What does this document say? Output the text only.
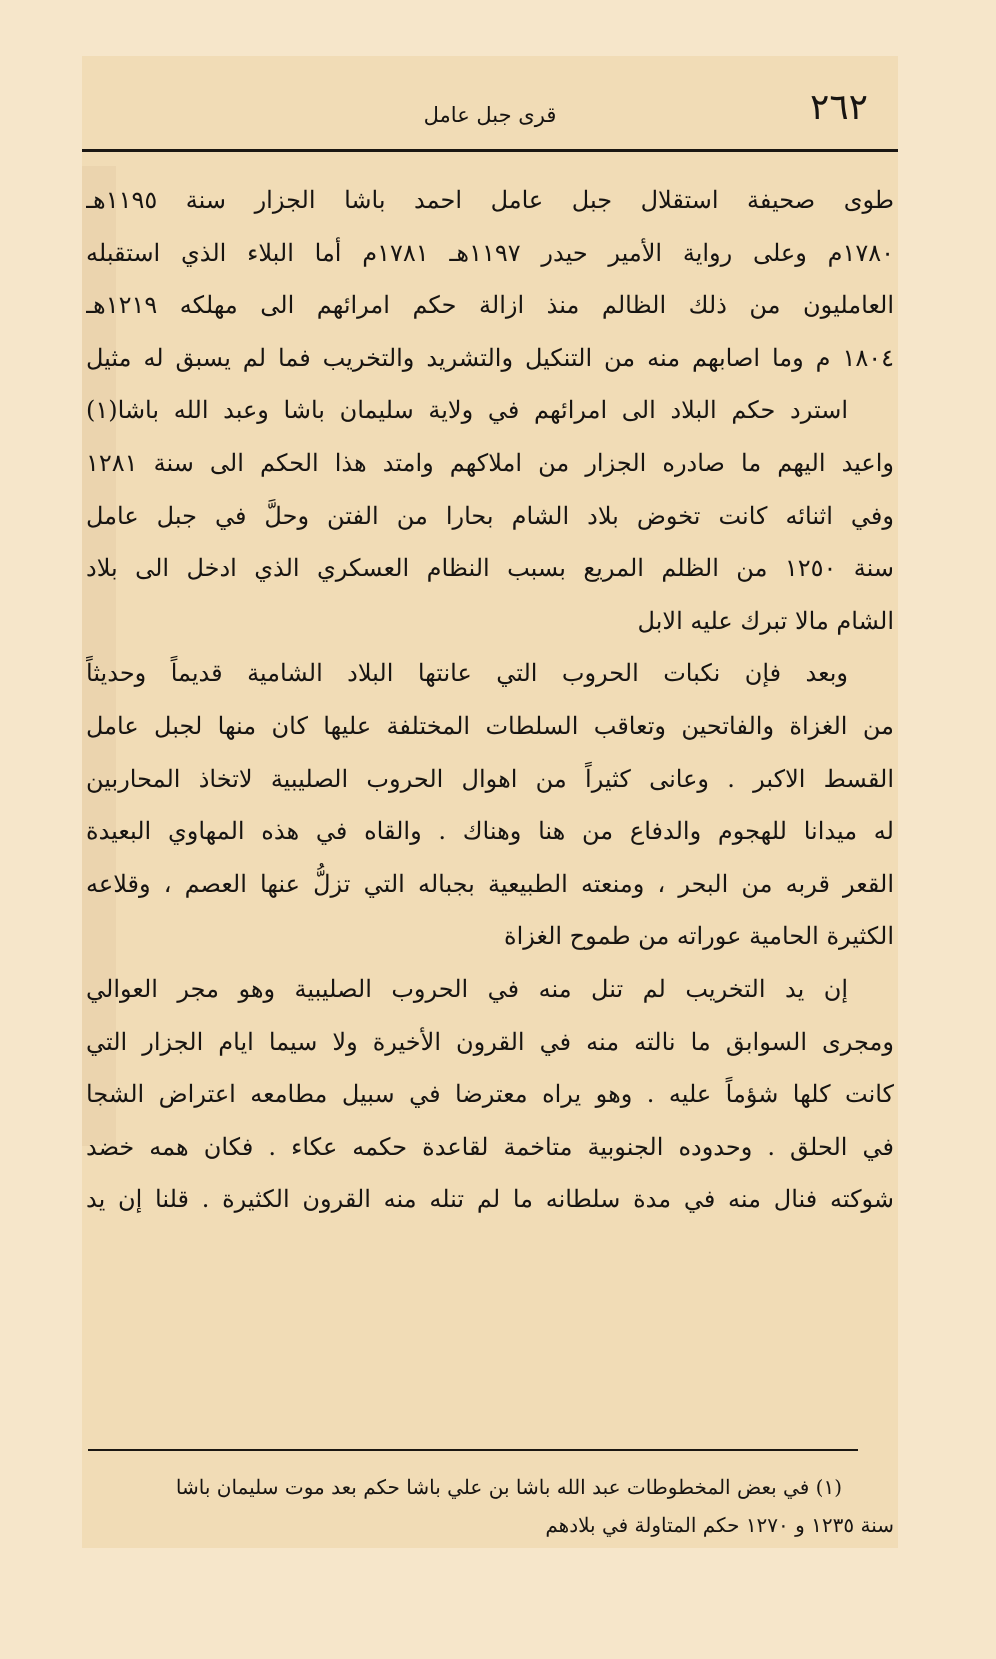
٢٦٢
قرى جبل عامل
طوى صحيفة استقلال جبل عامل احمد باشا الجزار سنة ١١٩٥هـ
١٧٨٠م وعلى رواية الأمير حيدر ١١٩٧هـ ١٧٨١م أما البلاء الذي استقبله
العامليون من ذلك الظالم منذ ازالة حكم امرائهم الى مهلكه ١٢١٩هـ
١٨٠٤ م وما اصابهم منه من التنكيل والتشريد والتخريب فما لم يسبق له مثيل
استرد حكم البلاد الى امرائهم في ولاية سليمان باشا وعبد الله باشا(١)
واعيد اليهم ما صادره الجزار من املاكهم وامتد هذا الحكم الى سنة ١٢٨١
وفي اثنائه كانت تخوض بلاد الشام بحارا من الفتن وحلَّ في جبل عامل
سنة ١٢٥٠ من الظلم المريع بسبب النظام العسكري الذي ادخل الى بلاد
الشام مالا تبرك عليه الابل
وبعد فإن نكبات الحروب التي عانتها البلاد الشامية قديماً وحديثاً
من الغزاة والفاتحين وتعاقب السلطات المختلفة عليها كان منها لجبل عامل
القسط الاكبر . وعانى كثيراً من اهوال الحروب الصليبية لاتخاذ المحاربين
له ميدانا للهجوم والدفاع من هنا وهناك . والقاه في هذه المهاوي البعيدة
القعر قربه من البحر ، ومنعته الطبيعية بجباله التي تزلُّ عنها العصم ، وقلاعه
الكثيرة الحامية عوراته من طموح الغزاة
إن يد التخريب لم تنل منه في الحروب الصليبية وهو مجر العوالي
ومجرى السوابق ما نالته منه في القرون الأخيرة ولا سيما ايام الجزار التي
كانت كلها شؤماً عليه . وهو يراه معترضا في سبيل مطامعه اعتراض الشجا
في الحلق . وحدوده الجنوبية متاخمة لقاعدة حكمه عكاء . فكان همه خضد
شوكته فنال منه في مدة سلطانه ما لم تنله منه القرون الكثيرة . قلنا إن يد
(١) في بعض المخطوطات عبد الله باشا بن علي باشا حكم بعد موت سليمان باشا
سنة ١٢٣٥ و ١٢٧٠ حكم المتاولة في بلادهم
